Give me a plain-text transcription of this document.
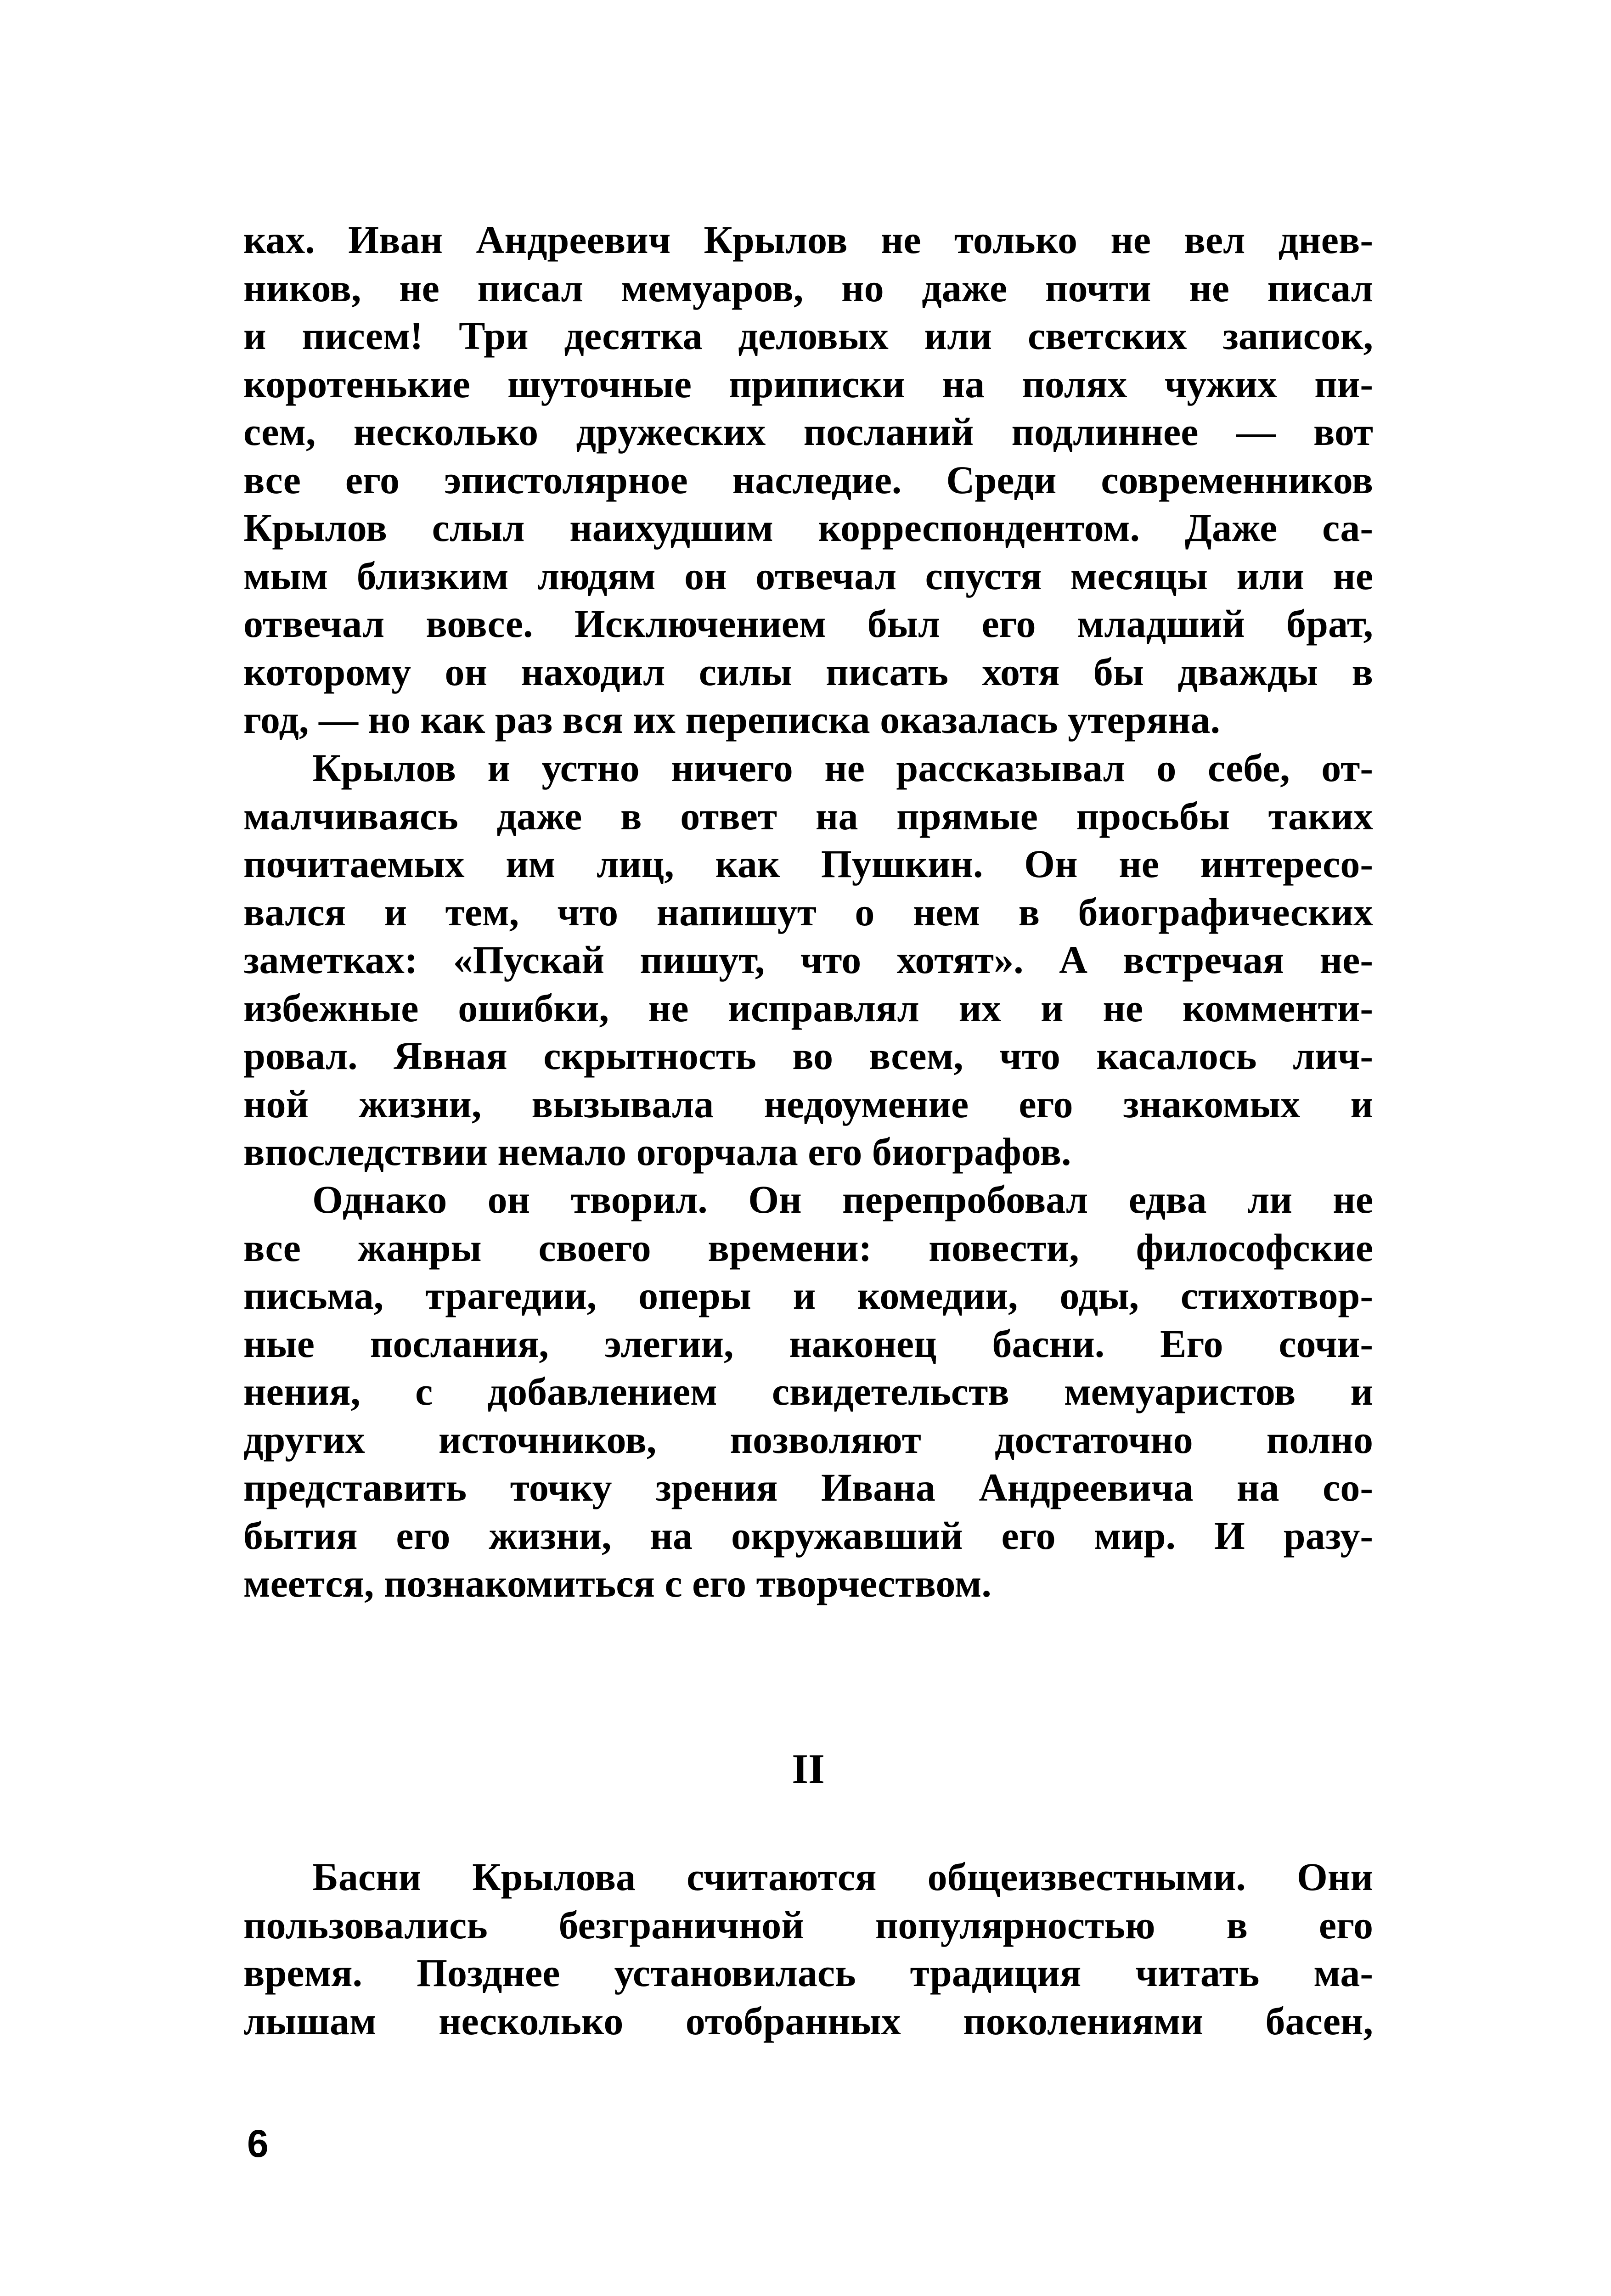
ках. Иван Андреевич Крылов не только не вел днев-
ников, не писал мемуаров, но даже почти не писал
и писем! Три десятка деловых или светских записок,
коротенькие шуточные приписки на полях чужих пи-
сем, несколько дружеских посланий подлиннее — вот
все его эпистолярное наследие. Среди современников
Крылов слыл наихудшим корреспондентом. Даже са-
мым близким людям он отвечал спустя месяцы или не
отвечал вовсе. Исключением был его младший брат,
которому он находил силы писать хотя бы дважды в
год, — но как раз вся их переписка оказалась утеряна.
Крылов и устно ничего не рассказывал о себе, от-
малчиваясь даже в ответ на прямые просьбы таких
почитаемых им лиц, как Пушкин. Он не интересо-
вался и тем, что напишут о нем в биографических
заметках: «Пускай пишут, что хотят». А встречая не-
избежные ошибки, не исправлял их и не комменти-
ровал. Явная скрытность во всем, что касалось лич-
ной жизни, вызывала недоумение его знакомых и
впоследствии немало огорчала его биографов.
Однако он творил. Он перепробовал едва ли не
все жанры своего времени: повести, философские
письма, трагедии, оперы и комедии, оды, стихотвор-
ные послания, элегии, наконец басни. Его сочи-
нения, с добавлением свидетельств мемуаристов и
других источников, позволяют достаточно полно
представить точку зрения Ивана Андреевича на со-
бытия его жизни, на окружавший его мир. И разу-
меется, познакомиться с его творчеством.
II
Басни Крылова считаются общеизвестными. Они
пользовались безграничной популярностью в его
время. Позднее установилась традиция читать ма-
лышам несколько отобранных поколениями басен,
6
